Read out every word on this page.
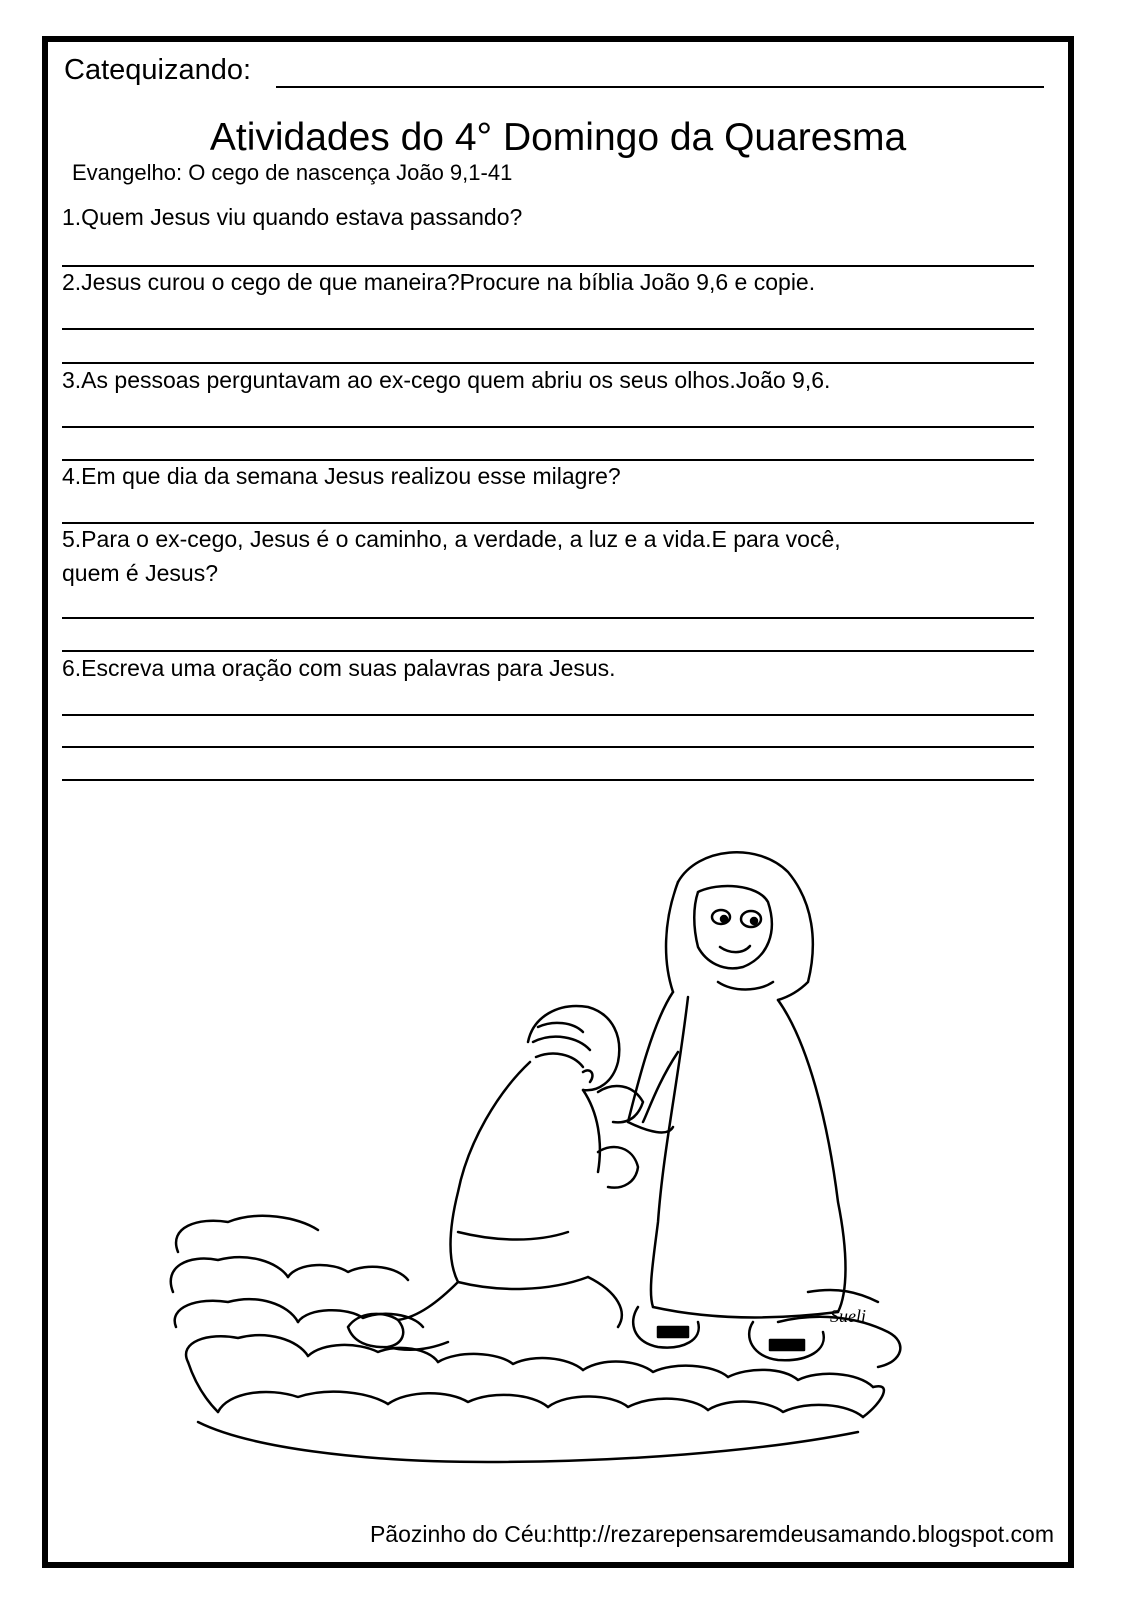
Catequizando:
Atividades do 4° Domingo da Quaresma
Evangelho: O cego de nascença João 9,1-41
1.Quem Jesus viu quando estava passando?
2.Jesus curou o cego de que maneira?Procure na bíblia João 9,6 e copie.
3.As pessoas perguntavam ao ex-cego quem abriu os seus olhos.João 9,6.
4.Em que dia da semana Jesus realizou esse milagre?
5.Para o ex-cego, Jesus é o caminho, a verdade, a luz e a vida.E para você,
quem é Jesus?
6.Escreva uma oração com suas palavras para Jesus.
Sueli
Pãozinho do Céu:http://rezarepensaremdeusamando.blogspot.com
